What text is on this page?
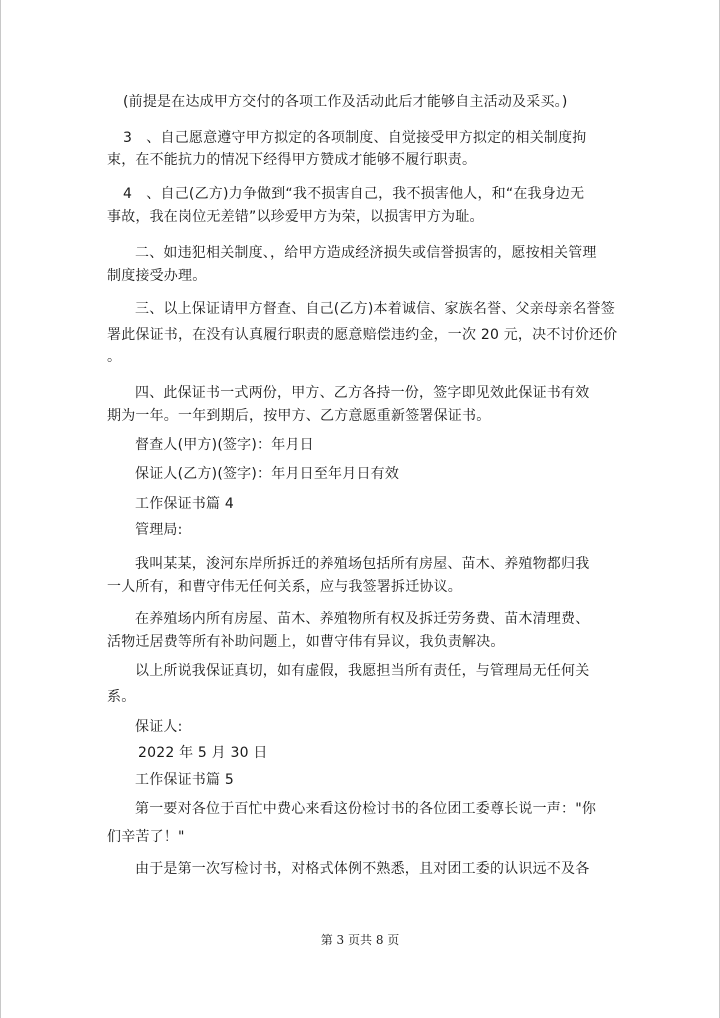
(前提是在达成甲方交付的各项工作及活动此后才能够自主活动及采买。)
3　、自己愿意遵守甲方拟定的各项制度、自觉接受甲方拟定的相关制度拘
束，在不能抗力的情况下经得甲方赞成才能够不履行职责。
4　、自己(乙方)力争做到“我不损害自己，我不损害他人，和“在我身边无
事故，我在岗位无差错”以珍爱甲方为荣，以损害甲方为耻。
二、如违犯相关制度、，给甲方造成经济损失或信誉损害的，愿按相关管理
制度接受办理。
三、以上保证请甲方督查、自己(乙方)本着诚信、家族名誉、父亲母亲名誉签
署此保证书，在没有认真履行职责的愿意赔偿违约金，一次 20 元，决不讨价还价
。
四、此保证书一式两份，甲方、乙方各持一份，签字即见效此保证书有效
期为一年。一年到期后，按甲方、乙方意愿重新签署保证书。
督查人(甲方)(签字)：年月日
保证人(乙方)(签字)：年月日至年月日有效
工作保证书篇 4
管理局:
我叫某某，浚河东岸所拆迁的养殖场包括所有房屋、苗木、养殖物都归我
一人所有，和曹守伟无任何关系，应与我签署拆迁协议。
在养殖场内所有房屋、苗木、养殖物所有权及拆迁劳务费、苗木清理费、
活物迁居费等所有补助问题上，如曹守伟有异议，我负责解决。
以上所说我保证真切，如有虚假，我愿担当所有责任，与管理局无任何关
系。
保证人:
2022 年 5 月 30 日
工作保证书篇 5
第一要对各位于百忙中费心来看这份检讨书的各位团工委尊长说一声："你
们辛苦了！"
由于是第一次写检讨书，对格式体例不熟悉，且对团工委的认识远不及各
第 3 页共 8 页
